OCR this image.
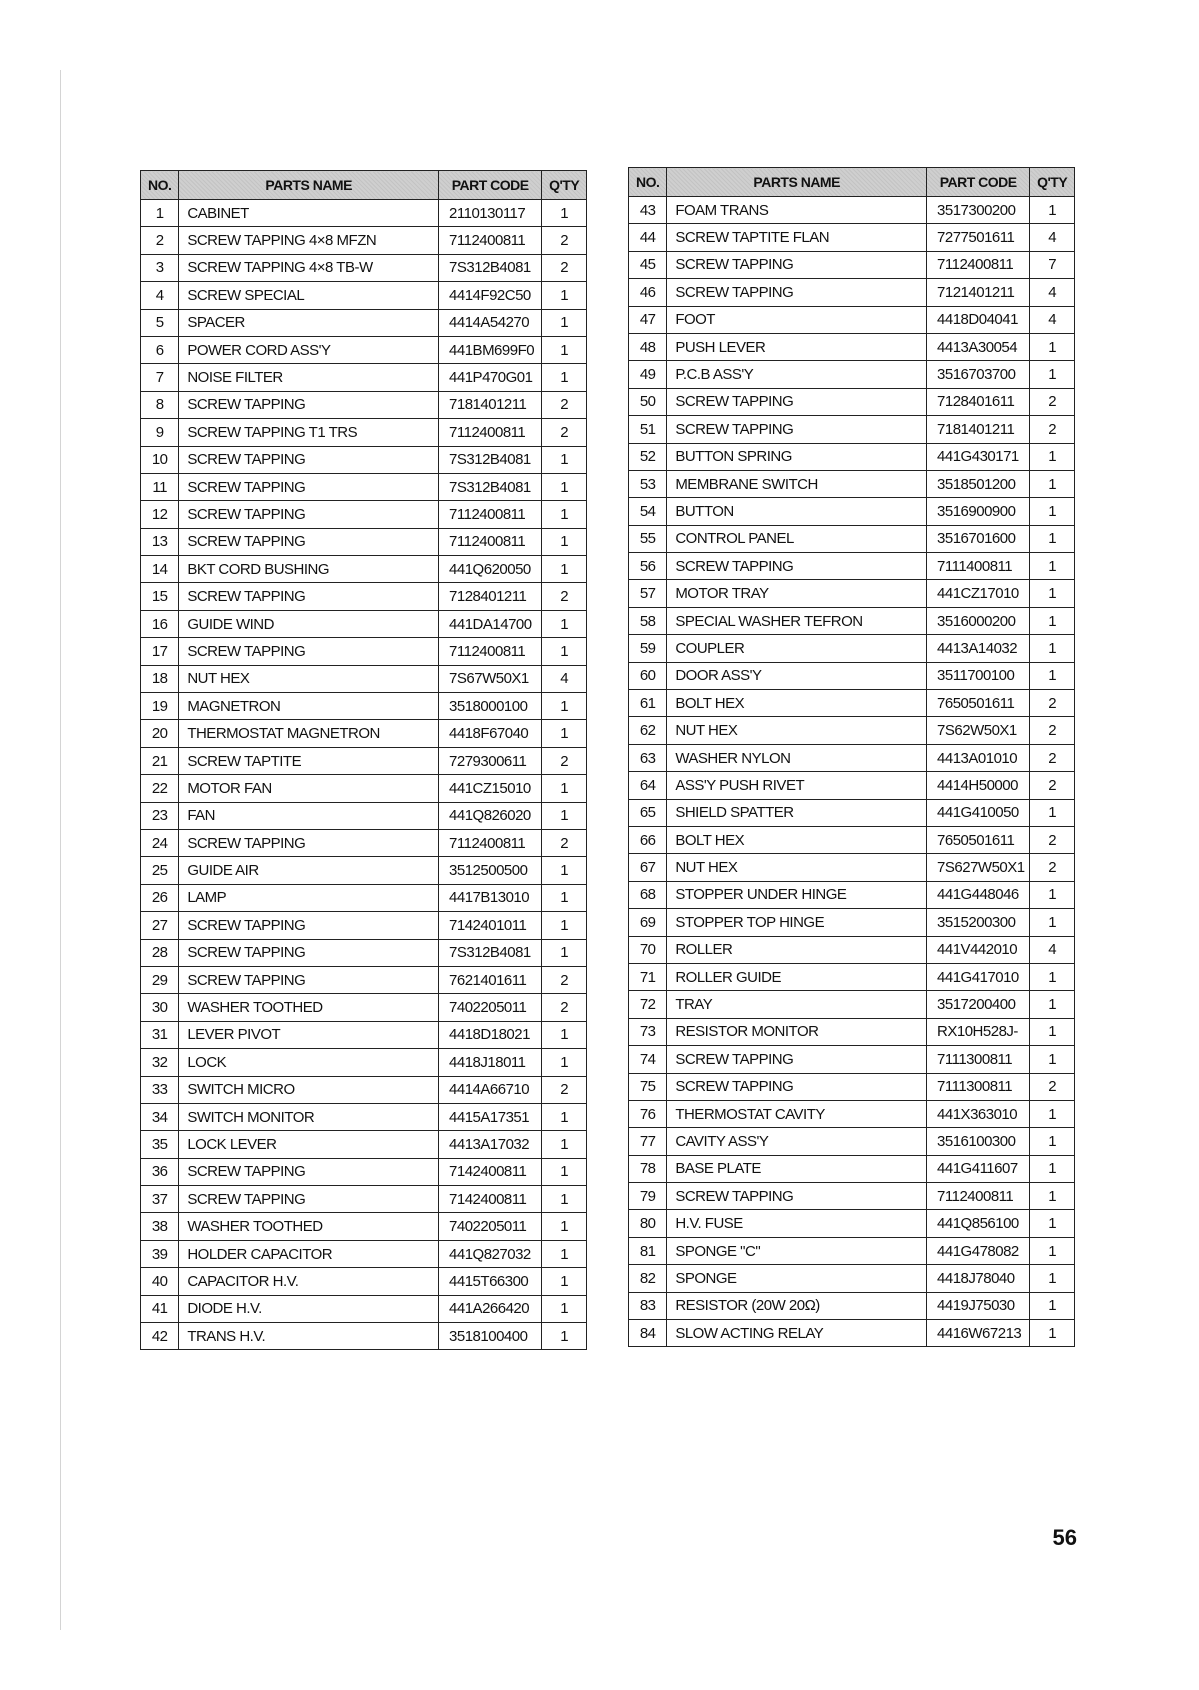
NO.	PARTS NAME	PART CODE	Q'TY
1	CABINET	2110130117	1
2	SCREW TAPPING 4×8 MFZN	7112400811	2
3	SCREW TAPPING 4×8 TB-W	7S312B4081	2
4	SCREW SPECIAL	4414F92C50	1
5	SPACER	4414A54270	1
6	POWER CORD ASS'Y	441BM699F0	1
7	NOISE FILTER	441P470G01	1
8	SCREW TAPPING	7181401211	2
9	SCREW TAPPING T1 TRS	7112400811	2
10	SCREW TAPPING	7S312B4081	1
11	SCREW TAPPING	7S312B4081	1
12	SCREW TAPPING	7112400811	1
13	SCREW TAPPING	7112400811	1
14	BKT CORD BUSHING	441Q620050	1
15	SCREW TAPPING	7128401211	2
16	GUIDE WIND	441DA14700	1
17	SCREW TAPPING	7112400811	1
18	NUT HEX	7S67W50X1	4
19	MAGNETRON	3518000100	1
20	THERMOSTAT MAGNETRON	4418F67040	1
21	SCREW TAPTITE	7279300611	2
22	MOTOR FAN	441CZ15010	1
23	FAN	441Q826020	1
24	SCREW TAPPING	7112400811	2
25	GUIDE AIR	3512500500	1
26	LAMP	4417B13010	1
27	SCREW TAPPING	7142401011	1
28	SCREW TAPPING	7S312B4081	1
29	SCREW TAPPING	7621401611	2
30	WASHER TOOTHED	7402205011	2
31	LEVER PIVOT	4418D18021	1
32	LOCK	4418J18011	1
33	SWITCH MICRO	4414A66710	2
34	SWITCH MONITOR	4415A17351	1
35	LOCK LEVER	4413A17032	1
36	SCREW TAPPING	7142400811	1
37	SCREW TAPPING	7142400811	1
38	WASHER TOOTHED	7402205011	1
39	HOLDER CAPACITOR	441Q827032	1
40	CAPACITOR H.V.	4415T66300	1
41	DIODE H.V.	441A266420	1
42	TRANS H.V.	3518100400	1
NO.	PARTS NAME	PART CODE	Q'TY
43	FOAM TRANS	3517300200	1
44	SCREW TAPTITE FLAN	7277501611	4
45	SCREW TAPPING	7112400811	7
46	SCREW TAPPING	7121401211	4
47	FOOT	4418D04041	4
48	PUSH LEVER	4413A30054	1
49	P.C.B ASS'Y	3516703700	1
50	SCREW TAPPING	7128401611	2
51	SCREW TAPPING	7181401211	2
52	BUTTON SPRING	441G430171	1
53	MEMBRANE SWITCH	3518501200	1
54	BUTTON	3516900900	1
55	CONTROL PANEL	3516701600	1
56	SCREW TAPPING	7111400811	1
57	MOTOR TRAY	441CZ17010	1
58	SPECIAL WASHER TEFRON	3516000200	1
59	COUPLER	4413A14032	1
60	DOOR ASS'Y	3511700100	1
61	BOLT HEX	7650501611	2
62	NUT HEX	7S62W50X1	2
63	WASHER NYLON	4413A01010	2
64	ASS'Y PUSH RIVET	4414H50000	2
65	SHIELD SPATTER	441G410050	1
66	BOLT HEX	7650501611	2
67	NUT HEX	7S627W50X1	2
68	STOPPER UNDER HINGE	441G448046	1
69	STOPPER TOP HINGE	3515200300	1
70	ROLLER	441V442010	4
71	ROLLER GUIDE	441G417010	1
72	TRAY	3517200400	1
73	RESISTOR MONITOR	RX10H528J-	1
74	SCREW TAPPING	7111300811	1
75	SCREW TAPPING	7111300811	2
76	THERMOSTAT CAVITY	441X363010	1
77	CAVITY ASS'Y	3516100300	1
78	BASE PLATE	441G411607	1
79	SCREW TAPPING	7112400811	1
80	H.V. FUSE	441Q856100	1
81	SPONGE "C"	441G478082	1
82	SPONGE	4418J78040	1
83	RESISTOR (20W 20Ω)	4419J75030	1
84	SLOW ACTING RELAY	4416W67213	1
56
